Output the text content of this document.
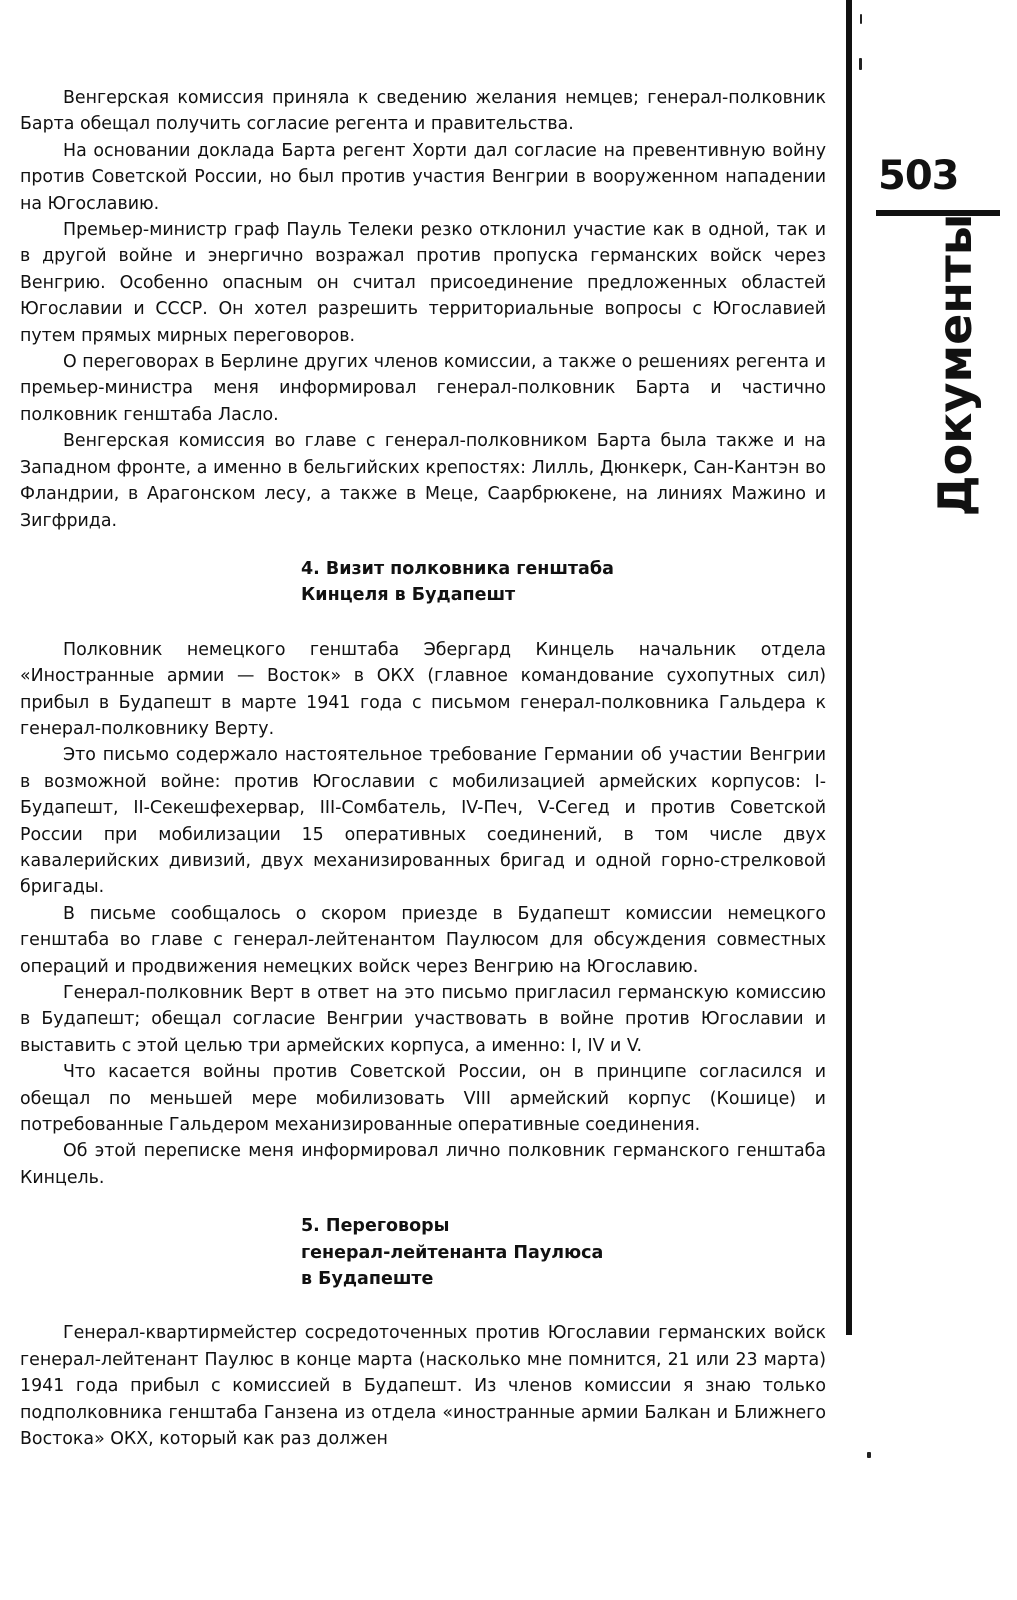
503
Документы

Венгерская комиссия приняла к сведению желания немцев; генерал-полковник Барта обещал получить согласие регента и правительства.

На основании доклада Барта регент Хорти дал согласие на превентивную войну против Советской России, но был против участия Венгрии в вооруженном нападении на Югославию.

Премьер-министр граф Пауль Телеки резко отклонил участие как в одной, так и в другой войне и энергично возражал против пропуска германских войск через Венгрию. Особенно опасным он считал присоединение предложенных областей Югославии и СССР. Он хотел разрешить территориальные вопросы с Югославией путем прямых мирных переговоров.

О переговорах в Берлине других членов комиссии, а также о решениях регента и премьер-министра меня информировал генерал-полковник Барта и частично полковник генштаба Ласло.

Венгерская комиссия во главе с генерал-полковником Барта была также и на Западном фронте, а именно в бельгийских крепостях: Лилль, Дюнкерк, Сан-Кантэн во Фландрии, в Арагонском лесу, а также в Меце, Саарбрюкене, на линиях Мажино и Зигфрида.

4. Визит полковника генштаба
Кинцеля в Будапешт

Полковник немецкого генштаба Эбергард Кинцель начальник отдела «Иностранные армии — Восток» в ОКХ (главное командование сухопутных сил) прибыл в Будапешт в марте 1941 года с письмом генерал-полковника Гальдера к генерал-полковнику Верту.

Это письмо содержало настоятельное требование Германии об участии Венгрии в возможной войне: против Югославии с мобилизацией армейских корпусов: I-Будапешт, II-Секешфехервар, III-Сомбатель, IV-Печ, V-Сегед и против Советской России при мобилизации 15 оперативных соединений, в том числе двух кавалерийских дивизий, двух механизированных бригад и одной горно-стрелковой бригады.

В письме сообщалось о скором приезде в Будапешт комиссии немецкого генштаба во главе с генерал-лейтенантом Паулюсом для обсуждения совместных операций и продвижения немецких войск через Венгрию на Югославию.

Генерал-полковник Верт в ответ на это письмо пригласил германскую комиссию в Будапешт; обещал согласие Венгрии участвовать в войне против Югославии и выставить с этой целью три армейских корпуса, а именно: I, IV и V.

Что касается войны против Советской России, он в принципе согласился и обещал по меньшей мере мобилизовать VIII армейский корпус (Кошице) и потребованные Гальдером механизированные оперативные соединения.

Об этой переписке меня информировал лично полковник германского генштаба Кинцель.

5. Переговоры
генерал-лейтенанта Паулюса
в Будапеште

Генерал-квартирмейстер сосредоточенных против Югославии германских войск генерал-лейтенант Паулюс в конце марта (насколько мне помнится, 21 или 23 марта) 1941 года прибыл с комиссией в Будапешт. Из членов комиссии я знаю только подполковника генштаба Ганзена из отдела «иностранные армии Балкан и Ближнего Востока» ОКХ, который как раз должен
